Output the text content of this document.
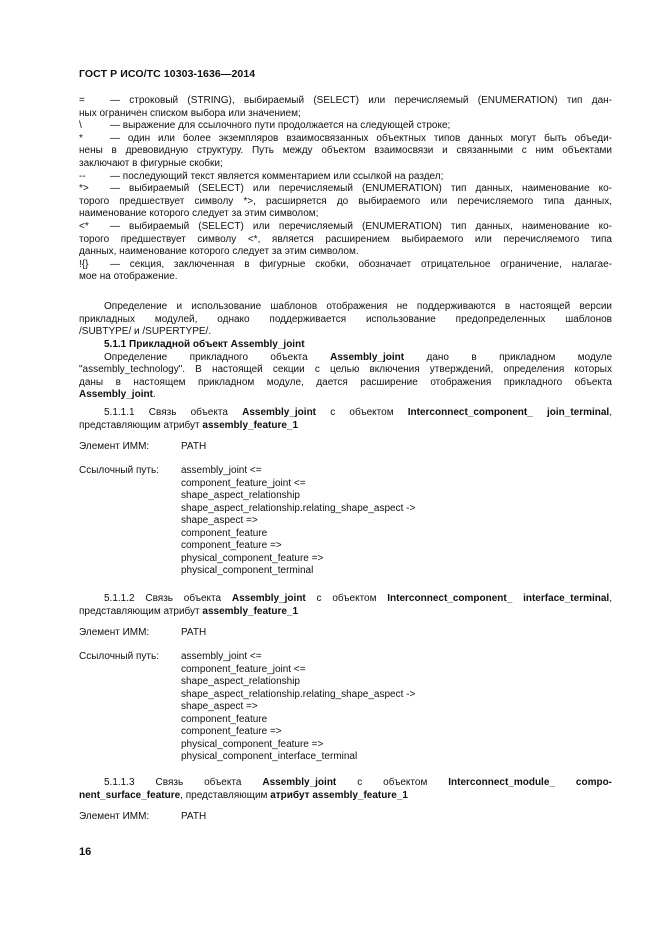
ГОСТ Р ИСО/ТС 10303-1636—2014
=	— строковый (STRING), выбираемый (SELECT) или перечисляемый (ENUMERATION) тип дан-

ных ограничен списком выбора или значением;

\	— выражение для ссылочного пути продолжается на следующей строке;

*	— один или более экземпляров взаимосвязанных объектных типов данных могут быть объеди-

нены в древовидную структуру. Путь между объектом взаимосвязи и связанными с ним объектами

заключают в фигурные скобки;

--	— последующий текст является комментарием или ссылкой на раздел;

*>	— выбираемый (SELECT) или перечисляемый (ENUMERATION) тип данных, наименование ко-

торого предшествует символу *>, расширяется до выбираемого или перечисляемого типа данных,

наименование которого следует за этим символом;

<*	— выбираемый (SELECT) или перечисляемый (ENUMERATION) тип данных, наименование ко-

торого предшествует символу <*, является расширением выбираемого или перечисляемого типа

данных, наименование которого следует за этим символом.

!{}	— секция, заключенная в фигурные скобки, обозначает отрицательное ограничение, налагае-

мое на отображение.

Определение и использование шаблонов отображения не поддерживаются в настоящей версии

прикладных модулей, однако поддерживается использование предопределенных шаблонов

/SUBTYPE/ и /SUPERTYPE/.

5.1.1 Прикладной объект Assembly_joint

Определение прикладного объекта Assembly_joint дано в прикладном модуле

"assembly_technology". В настоящей секции с целью включения утверждений, определения которых

даны в настоящем прикладном модуле, дается расширение отображения прикладного объекта

Assembly_joint.

5.1.1.1 Связь объекта Assembly_joint с объектом Interconnect_component_ join_terminal,

представляющим атрибут assembly_feature_1

Элемент ИММ:	PATH
Ссылочный путь: assembly_joint <=
component_feature_joint <=
shape_aspect_relationship
shape_aspect_relationship.relating_shape_aspect ->
shape_aspect =>
component_feature
component_feature =>
physical_component_feature =>
physical_component_terminal

5.1.1.2 Связь объекта Assembly_joint с объектом Interconnect_component_ interface_terminal,

представляющим атрибут assembly_feature_1

Элемент ИММ:	PATH
Ссылочный путь: assembly_joint <=
component_feature_joint <=
shape_aspect_relationship
shape_aspect_relationship.relating_shape_aspect ->
shape_aspect =>
component_feature
component_feature =>
physical_component_feature =>
physical_component_interface_terminal

5.1.1.3 Связь объекта Assembly_joint с объектом Interconnect_module_ compo-

nent_surface_feature, представляющим атрибут assembly_feature_1

Элемент ИММ:	PATH
16
